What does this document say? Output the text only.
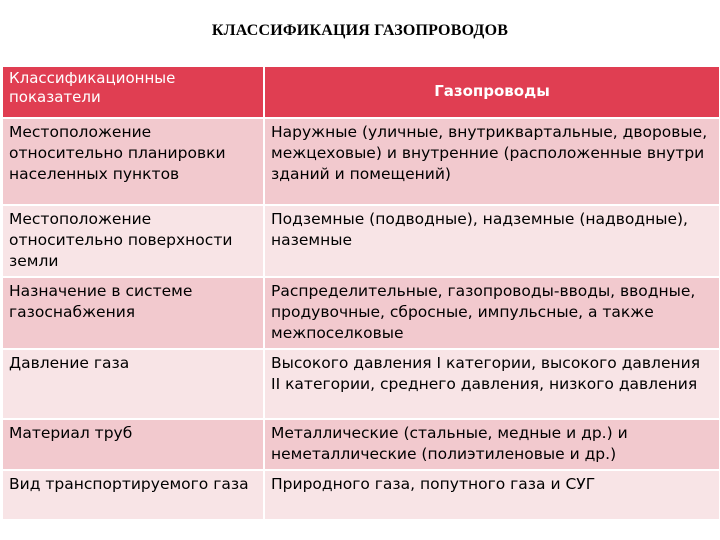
КЛАССИФИКАЦИЯ ГАЗОПРОВОДОВ
Классификационные показатели	Газопроводы
Местоположение относительно планировки населенных пунктов	Наружные (уличные, внутриквартальные, дворовые, межцеховые) и внутренние (расположенные внутри зданий и помещений)
Местоположение относительно поверхности земли	Подземные (подводные), надземные (надводные), наземные
Назначение в системе газоснабжения	Распределительные, газопроводы-вводы, вводные, продувочные, сбросные, импульсные, а также межпоселковые
Давление газа	Высокого давления I категории, высокого давления II категории, среднего давления, низкого давления
Материал труб	Металлические (стальные, медные и др.) и неметаллические (полиэтиленовые и др.)
Вид транспортируемого газа	Природного газа, попутного газа и СУГ
